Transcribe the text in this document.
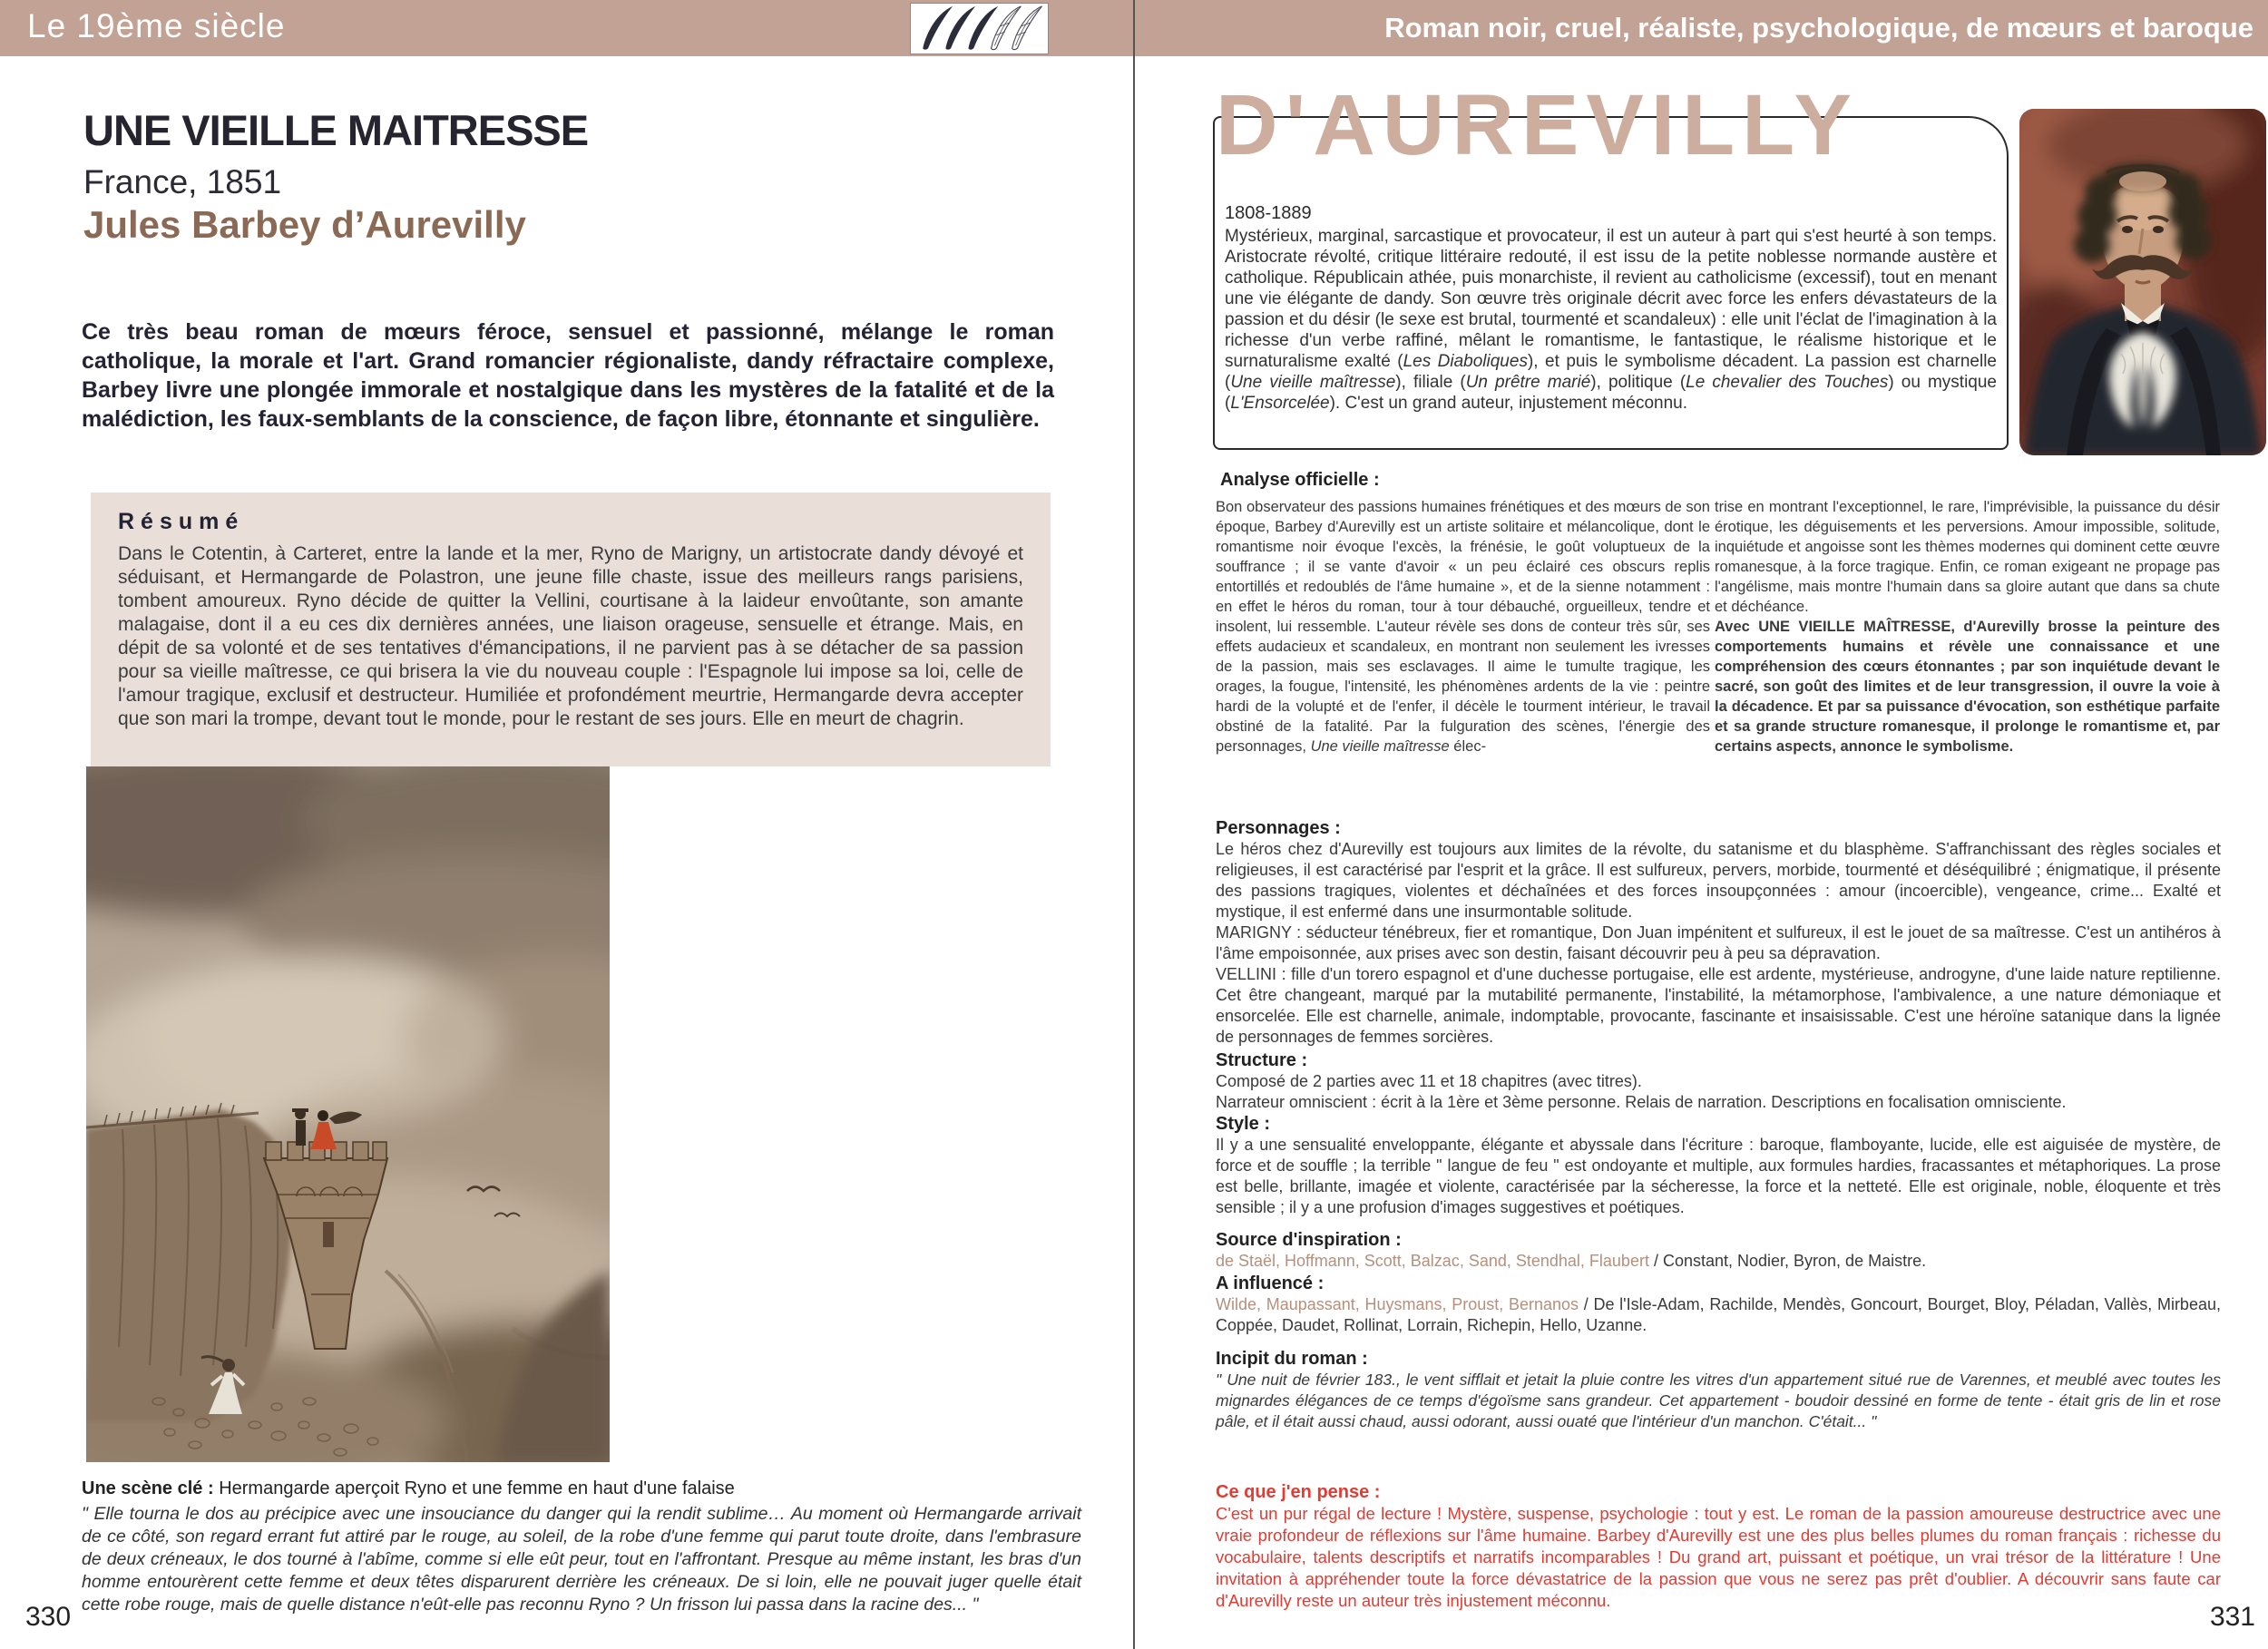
Le 19ème siècle	Roman noir, cruel, réaliste, psychologique, de mœurs et baroque
UNE VIEILLE MAITRESSE
France, 1851
Jules Barbey d’Aurevilly
Ce très beau roman de mœurs féroce, sensuel et passionné, mélange le roman catholique, la morale et l'art. Grand romancier régionaliste, dandy réfractaire complexe, Barbey livre une plongée immorale et nostalgique dans les mystères de la fatalité et de la malédiction, les faux-semblants de la conscience, de façon libre, étonnante et singulière.

Résumé

Dans le Cotentin, à Carteret, entre la lande et la mer, Ryno de Marigny, un artistocrate dandy dévoyé et séduisant, et Hermangarde de Polastron, une jeune fille chaste, issue des meilleurs rangs parisiens, tombent amoureux. Ryno décide de quitter la Vellini, courtisane à la laideur envoûtante, son amante malagaise, dont il a eu ces dix dernières années, une liaison orageuse, sensuelle et étrange. Mais, en dépit de sa volonté et de ses tentatives d'émancipations, il ne parvient pas à se détacher de sa passion pour sa vieille maîtresse, ce qui brisera la vie du nouveau couple : l'Espagnole lui impose sa loi, celle de l'amour tragique, exclusif et destructeur. Humiliée et profondément meurtrie, Hermangarde devra accepter que son mari la trompe, devant tout le monde, pour le restant de ses jours. Elle en meurt de chagrin.

Une scène clé : Hermangarde aperçoit Ryno et une femme en haut d'une falaise

" Elle tourna le dos au précipice avec une insouciance du danger qui la rendit sublime… Au moment où Hermangarde arrivait de ce côté, son regard errant fut attiré par le rouge, au soleil, de la robe d'une femme qui parut toute droite, dans l'embrasure de deux créneaux, le dos tourné à l'abîme, comme si elle eût peur, tout en l'affrontant. Presque au même instant, les bras d'un homme entourèrent cette femme et deux têtes disparurent derrière les créneaux. De si loin, elle ne pouvait juger quelle était cette robe rouge, mais de quelle distance n'eût-elle pas reconnu Ryno ? Un frisson lui passa dans la racine des... "

330
D'AUREVILLY

1808-1889

Mystérieux, marginal, sarcastique et provocateur, il est un auteur à part qui s'est heurté à son temps. Aristocrate révolté, critique littéraire redouté, il est issu de la petite noblesse normande austère et catholique. Républicain athée, puis monarchiste, il revient au catholicisme (excessif), tout en menant une vie élégante de dandy. Son œuvre très originale décrit avec force les enfers dévastateurs de la passion et du désir (le sexe est brutal, tourmenté et scandaleux) : elle unit l'éclat de l'imagination à la richesse d'un verbe raffiné, mêlant le romantisme, le fantastique, le réalisme historique et le surnaturalisme exalté (Les Diaboliques), et puis le symbolisme décadent. La passion est charnelle (Une vieille maîtresse), filiale (Un prêtre marié), politique (Le chevalier des Touches) ou mystique (L'Ensorcelée). C'est un grand auteur, injustement méconnu.

Analyse officielle :

Bon observateur des passions humaines frénétiques et des mœurs de son époque, Barbey d'Aurevilly est un artiste solitaire et mélancolique, dont le romantisme noir évoque l'excès, la frénésie, le goût voluptueux de la souffrance ; il se vante d'avoir « un peu éclairé ces obscurs replis entortillés et redoublés de l'âme humaine », et de la sienne notamment : en effet le héros du roman, tour à tour débauché, orgueilleux, tendre et insolent, lui ressemble. L'auteur révèle ses dons de conteur très sûr, ses effets audacieux et scandaleux, en montrant non seulement les ivresses de la passion, mais ses esclavages. Il aime le tumulte tragique, les orages, la fougue, l'intensité, les phénomènes ardents de la vie : peintre hardi de la volupté et de l'enfer, il décèle le tourment intérieur, le travail obstiné de la fatalité. Par la fulguration des scènes, l'énergie des personnages, Une vieille maîtresse élec-

trise en montrant l'exceptionnel, le rare, l'imprévisible, la puissance du désir érotique, les déguisements et les perversions. Amour impossible, solitude, inquiétude et angoisse sont les thèmes modernes qui dominent cette œuvre romanesque, à la force tragique. Enfin, ce roman exigeant ne propage pas l'angélisme, mais montre l'humain dans sa gloire autant que dans sa chute et déchéance.

Avec UNE VIEILLE MAÎTRESSE, d'Aurevilly brosse la peinture des comportements humains et révèle une connaissance et une compréhension des cœurs étonnantes ; par son inquiétude devant le sacré, son goût des limites et de leur transgression, il ouvre la voie à la décadence. Et par sa puissance d'évocation, son esthétique parfaite et sa grande structure romanesque, il prolonge le romantisme et, par certains aspects, annonce le symbolisme.

Personnages :

Le héros chez d'Aurevilly est toujours aux limites de la révolte, du satanisme et du blasphème. S'affranchissant des règles sociales et religieuses, il est caractérisé par l'esprit et la grâce. Il est sulfureux, pervers, morbide, tourmenté et déséquilibré ; énigmatique, il présente des passions tragiques, violentes et déchaînées et des forces insoupçonnées : amour (incoercible), vengeance, crime... Exalté et mystique, il est enfermé dans une insurmontable solitude.

MARIGNY : séducteur ténébreux, fier et romantique, Don Juan impénitent et sulfureux, il est le jouet de sa maîtresse. C'est un antihéros à l'âme empoisonnée, aux prises avec son destin, faisant découvrir peu à peu sa dépravation.

VELLINI : fille d'un torero espagnol et d'une duchesse portugaise, elle est ardente, mystérieuse, androgyne, d'une laide nature reptilienne. Cet être changeant, marqué par la mutabilité permanente, l'instabilité, la métamorphose, l'ambivalence, a une nature démoniaque et ensorcelée. Elle est charnelle, animale, indomptable, provocante, fascinante et insaisissable. C'est une héroïne satanique dans la lignée de personnages de femmes sorcières.

Structure :

Composé de 2 parties avec 11 et 18 chapitres (avec titres).

Narrateur omniscient : écrit à la 1ère et 3ème personne. Relais de narration. Descriptions en focalisation omnisciente.

Style :

Il y a une sensualité enveloppante, élégante et abyssale dans l'écriture : baroque, flamboyante, lucide, elle est aiguisée de mystère, de force et de souffle ; la terrible " langue de feu " est ondoyante et multiple, aux formules hardies, fracassantes et métaphoriques. La prose est belle, brillante, imagée et violente, caractérisée par la sécheresse, la force et la netteté. Elle est originale, noble, éloquente et très sensible ; il y a une profusion d'images suggestives et poétiques.

Source d'inspiration :

de Staël, Hoffmann, Scott, Balzac, Sand, Stendhal, Flaubert / Constant, Nodier, Byron, de Maistre.

A influencé :

Wilde, Maupassant, Huysmans, Proust, Bernanos / De l'Isle-Adam, Rachilde, Mendès, Goncourt, Bourget, Bloy, Péladan, Vallès, Mirbeau, Coppée, Daudet, Rollinat, Lorrain, Richepin, Hello, Uzanne.

Incipit du roman :

" Une nuit de février 183., le vent sifflait et jetait la pluie contre les vitres d'un appartement situé rue de Varennes, et meublé avec toutes les mignardes élégances de ce temps d'égoïsme sans grandeur. Cet appartement - boudoir dessiné en forme de tente - était gris de lin et rose pâle, et il était aussi chaud, aussi odorant, aussi ouaté que l'intérieur d'un manchon. C'était... "

Ce que j'en pense :

C'est un pur régal de lecture ! Mystère, suspense, psychologie : tout y est. Le roman de la passion amoureuse destructrice avec une vraie profondeur de réflexions sur l'âme humaine. Barbey d'Aurevilly est une des plus belles plumes du roman français : richesse du vocabulaire, talents descriptifs et narratifs incomparables ! Du grand art, puissant et poétique, un vrai trésor de la littérature ! Une invitation à appréhender toute la force dévastatrice de la passion que vous ne serez pas prêt d'oublier. A découvrir sans faute car d'Aurevilly reste un auteur très injustement méconnu.

331
